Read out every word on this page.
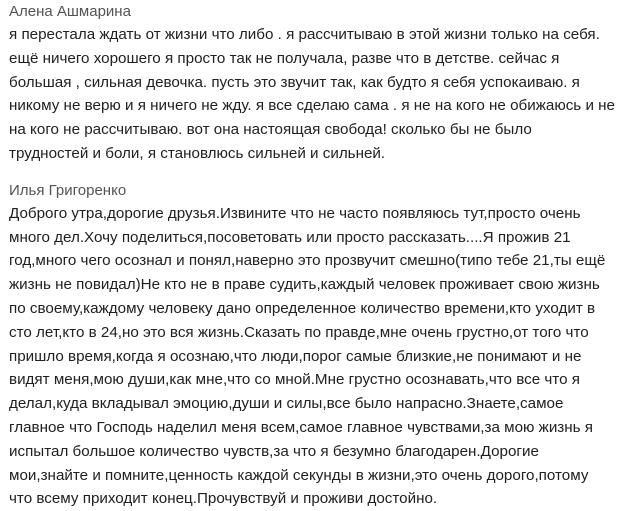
Алена Ашмарина
я перестала ждать от жизни что либо . я рассчитываю в этой жизни только на себя.
ещё ничего хорошего я просто так не получала, разве что в детстве. сейчас я
большая , сильная девочка. пусть это звучит так, как будто я себя успокаиваю. я
никому не верю и я ничего не жду. я все сделаю сама . я не на кого не обижаюсь и не
на кого не рассчитываю. вот она настоящая свобода! сколько бы не было
трудностей и боли, я становлюсь сильней и сильней.
Илья Григоренко
Доброго утра,дорогие друзья.Извините что не часто появляюсь тут,просто очень
много дел.Хочу поделиться,посоветовать или просто рассказать....Я прожив 21
год,много чего осознал и понял,наверно это прозвучит смешно(типо тебе 21,ты ещё
жизнь не повидал)Не кто не в праве судить,каждый человек проживает свою жизнь
по своему,каждому человеку дано определенное количество времени,кто уходит в
сто лет,кто в 24,но это вся жизнь.Сказать по правде,мне очень грустно,от того что
пришло время,когда я осознаю,что люди,порог самые близкие,не понимают и не
видят меня,мою души,как мне,что со мной.Мне грустно осознавать,что все что я
делал,куда вкладывал эмоцию,души и силы,все было напрасно.Знаете,самое
главное что Господь наделил меня всем,самое главное чувствами,за мою жизнь я
испытал большое количество чувств,за что я безумно благодарен.Дорогие
мои,знайте и помните,ценность каждой секунды в жизни,это очень дорого,потому
что всему приходит конец.Прочувствуй и проживи достойно.
